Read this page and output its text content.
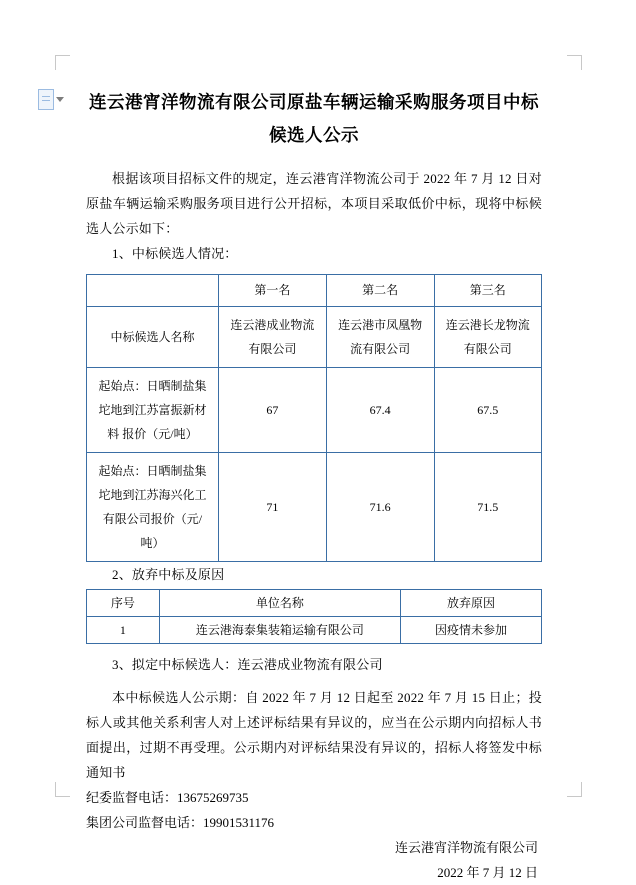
连云港宵洋物流有限公司原盐车辆运输采购服务项目中标候选人公示

根据该项目招标文件的规定，连云港宵洋物流公司于 2022 年 7 月 12 日对原盐车辆运输采购服务项目进行公开招标，本项目采取低价中标，现将中标候选人公示如下：

1、中标候选人情况：

	第一名	第二名	第三名
中标候选人名称	连云港成业物流有限公司	连云港市凤凰物流有限公司	连云港长龙物流有限公司
起始点：日晒制盐集坨地到江苏富振新材料 报价（元/吨）	67	67.4	67.5
起始点：日晒制盐集坨地到江苏海兴化工有限公司报价（元/吨）	71	71.6	71.5

2、放弃中标及原因

序号	单位名称	放弃原因
1	连云港海泰集装箱运输有限公司	因疫情未参加

3、拟定中标候选人：连云港成业物流有限公司

本中标候选人公示期：自 2022 年 7 月 12 日起至 2022 年 7 月 15 日止；投标人或其他关系利害人对上述评标结果有异议的，应当在公示期内向招标人书面提出，过期不再受理。公示期内对评标结果没有异议的，招标人将签发中标通知书

纪委监督电话：13675269735

集团公司监督电话：19901531176

连云港宵洋物流有限公司

2022 年 7 月 12 日
